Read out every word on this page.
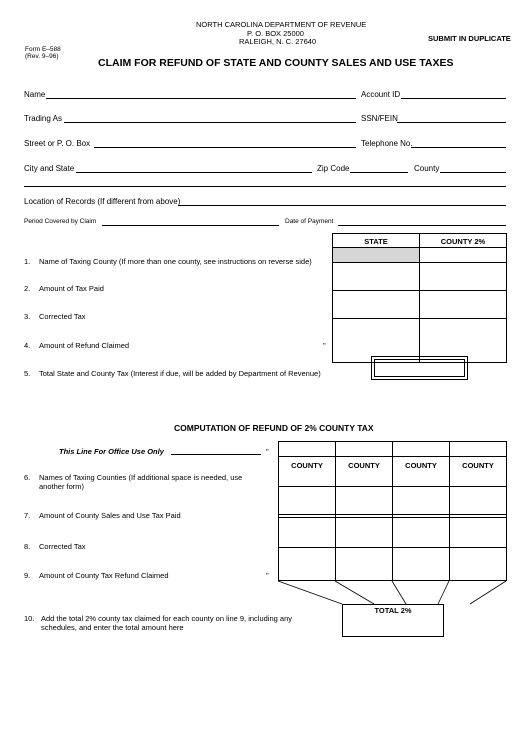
NORTH CAROLINA DEPARTMENT OF REVENUE
P. O. BOX 25000
RALEIGH, N. C. 27640	SUBMIT IN DUPLICATE
Form E–588
(Rev. 9–96)
CLAIM FOR REFUND OF STATE AND COUNTY SALES AND USE TAXES
Name	Account ID
Trading As	SSN/FEIN
Street or P. O. Box	Telephone No.
City and State	Zip Code	County
Location of Records (If different from above)
Period Covered by Claim	Date of Payment
STATE	COUNTY 2%
1. Name of Taxing County (If more than one county, see instructions on reverse side)
2. Amount of Tax Paid
3. Corrected Tax
4. Amount of Refund Claimed	"
5. Total State and County Tax (Interest if due, will be added by Department of Revenue)
COMPUTATION OF REFUND OF 2% COUNTY TAX
This Line For Office Use Only	"
COUNTY	COUNTY	COUNTY	COUNTY
TOTAL 2%
6. Names of Taxing Counties (If additional space is needed, use
another form)
7. Amount of County Sales and Use Tax Paid
8. Corrected Tax
9. Amount of County Tax Refund Claimed	"
10. Add the total 2% county tax claimed for each county on line 9, including any
schedules, and enter the total amount here
